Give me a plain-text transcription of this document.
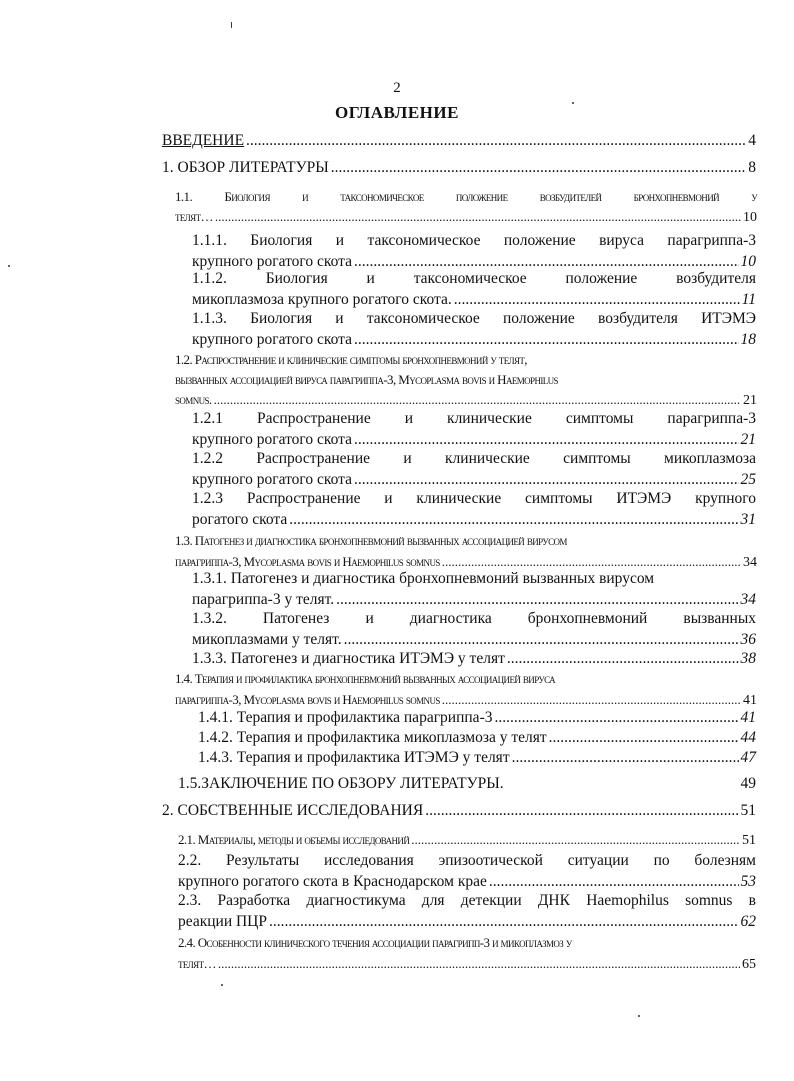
2
ОГЛАВЛЕНИЕ
ВВЕДЕНИЕ .....	4
1. ОБЗОР ЛИТЕРАТУРЫ .....	8
1.1. Биология и таксономическое положение возбудителей бронхопневмоний у
телят… .....	10
1.1.1. Биология и таксономическое положение вируса парагриппа-3
крупного рогатого скота .....	10
1.1.2. Биология и таксономическое положение возбудителя
микоплазмоза крупного рогатого скота. .....	11
1.1.3. Биология и таксономическое положение возбудителя ИТЭМЭ
крупного рогатого скота .....	18
1.2. Распространение и клинические симптомы бронхопневмоний у телят,
вызванных ассоциацией вируса парагриппа-3, Mycoplasma bovis и Haemophilus
somnus. .....	21
1.2.1 Распространение и клинические симптомы парагриппа-3
крупного рогатого скота .....	21
1.2.2 Распространение и клинические симптомы микоплазмоза
крупного рогатого скота .....	25
1.2.3 Распространение и клинические симптомы ИТЭМЭ крупного
рогатого скота .....	31
1.3. Патогенез и диагностика бронхопневмоний вызванных ассоциацией вирусом
парагриппа-3, Mycoplasma bovis и Haemophilus somnus .....	34
1.3.1. Патогенез и диагностика бронхопневмоний вызванных вирусом
парагриппа-3 у телят. .....	34
1.3.2. Патогенез и диагностика бронхопневмоний вызванных
микоплазмами у телят. .....	36
1.3.3. Патогенез и диагностика ИТЭМЭ у телят .....	38
1.4. Терапия и профилактика бронхопневмоний вызванных ассоциацией вируса
парагриппа-3, Mycoplasma bovis и Haemophilus somnus .....	41
1.4.1. Терапия и профилактика парагриппа-3 .....	41
1.4.2. Терапия и профилактика микоплазмоза у телят .....	44
1.4.3. Терапия и профилактика ИТЭМЭ у телят .....	47
1.5.ЗАКЛЮЧЕНИЕ ПО ОБЗОРУ ЛИТЕРАТУРЫ.	49
2. СОБСТВЕННЫЕ ИССЛЕДОВАНИЯ .....	51
2.1. Материалы, методы и объемы исследований .....	51
2.2. Результаты исследования эпизоотической ситуации по болезням
крупного рогатого скота в Краснодарском крае .....	53
2.3. Разработка диагностикума для детекции ДНК Haemophilus somnus в
реакции ПЦР .....	62
2.4. Особенности клинического течения ассоциации парагрипп-3 и микоплазмоз у
телят… .....	65
